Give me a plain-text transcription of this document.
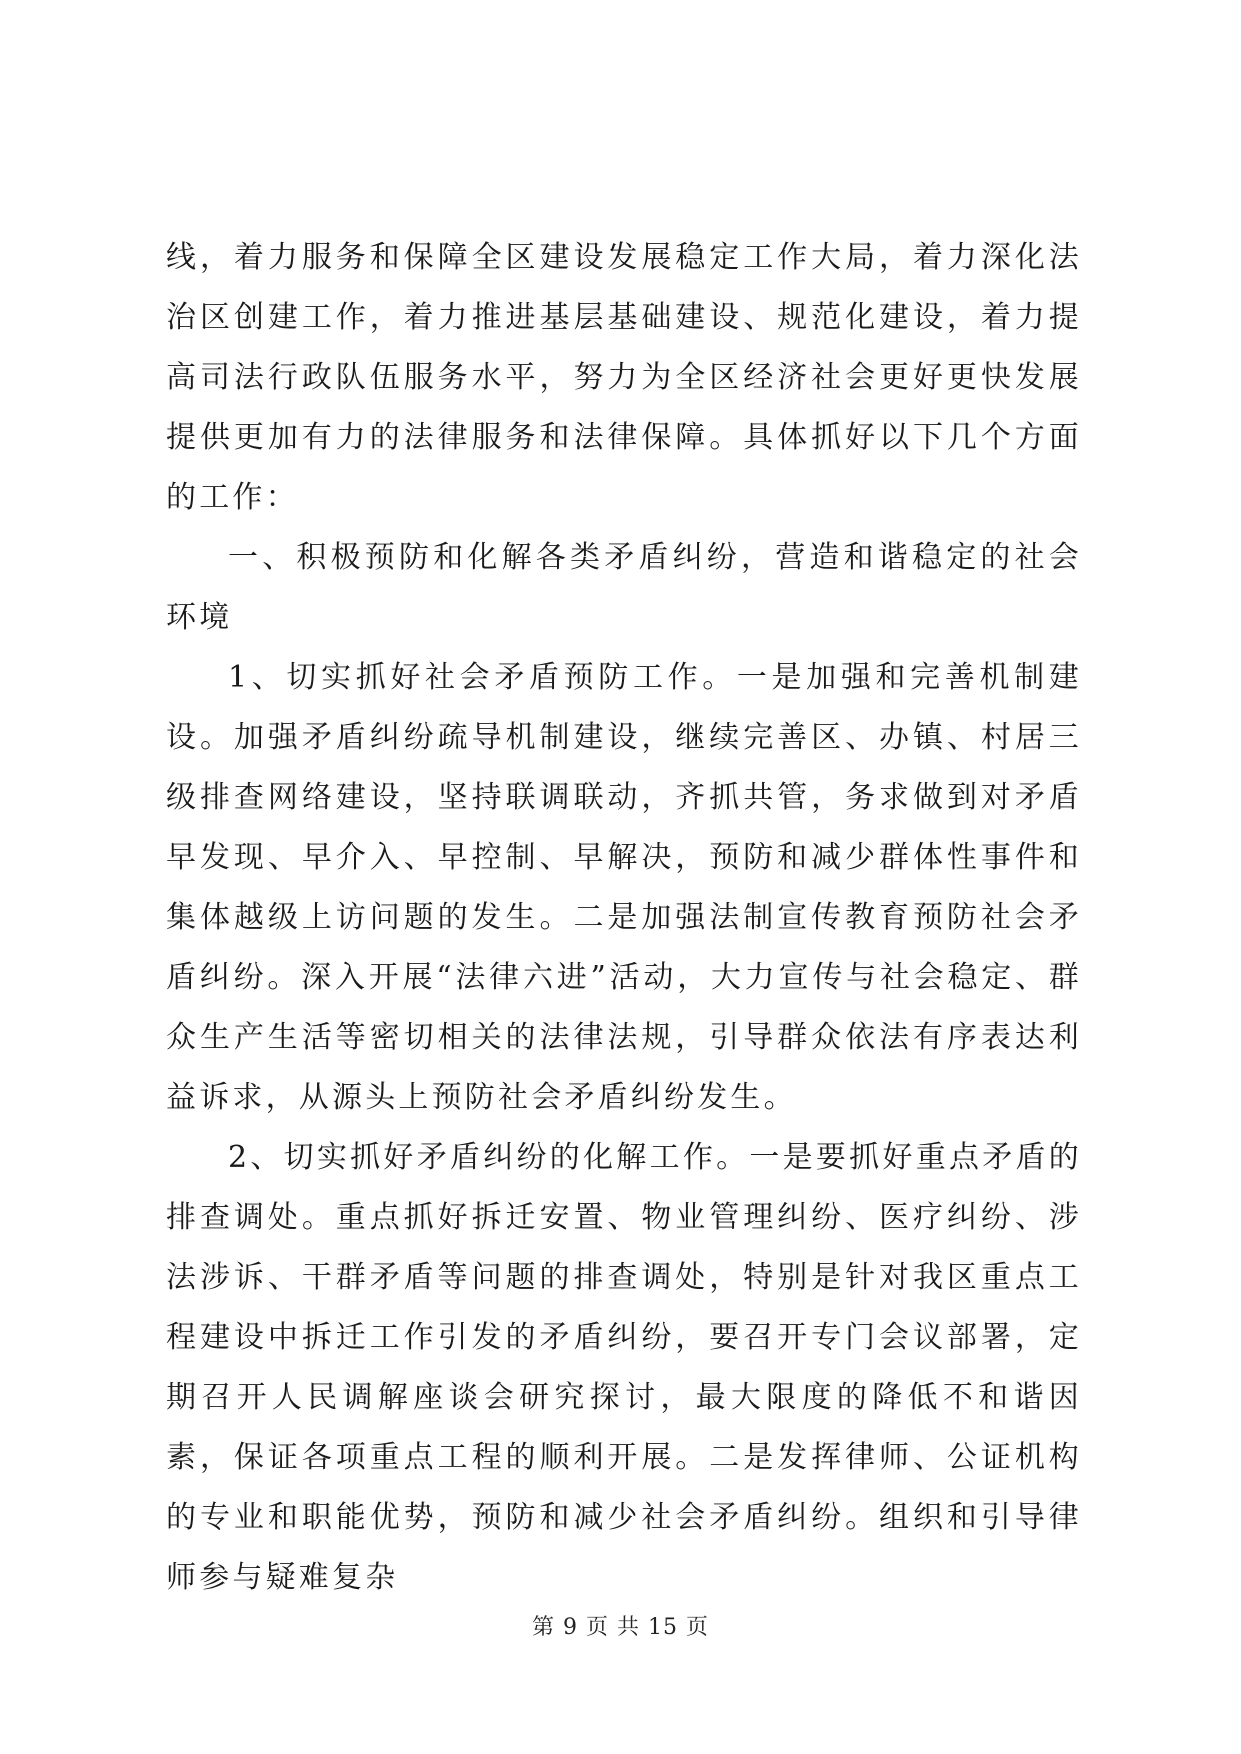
线，着力服务和保障全区建设发展稳定工作大局，着力深化法治区创建工作，着力推进基层基础建设、规范化建设，着力提高司法行政队伍服务水平，努力为全区经济社会更好更快发展提供更加有力的法律服务和法律保障。具体抓好以下几个方面的工作：

一、积极预防和化解各类矛盾纠纷，营造和谐稳定的社会环境

1、切实抓好社会矛盾预防工作。一是加强和完善机制建设。加强矛盾纠纷疏导机制建设，继续完善区、办镇、村居三级排查网络建设，坚持联调联动，齐抓共管，务求做到对矛盾早发现、早介入、早控制、早解决，预防和减少群体性事件和集体越级上访问题的发生。二是加强法制宣传教育预防社会矛盾纠纷。深入开展“法律六进”活动，大力宣传与社会稳定、群众生产生活等密切相关的法律法规，引导群众依法有序表达利益诉求，从源头上预防社会矛盾纠纷发生。

2、切实抓好矛盾纠纷的化解工作。一是要抓好重点矛盾的排查调处。重点抓好拆迁安置、物业管理纠纷、医疗纠纷、涉法涉诉、干群矛盾等问题的排查调处，特别是针对我区重点工程建设中拆迁工作引发的矛盾纠纷，要召开专门会议部署，定期召开人民调解座谈会研究探讨，最大限度的降低不和谐因素，保证各项重点工程的顺利开展。二是发挥律师、公证机构的专业和职能优势，预防和减少社会矛盾纠纷。组织和引导律师参与疑难复杂

第 9 页 共 15 页
